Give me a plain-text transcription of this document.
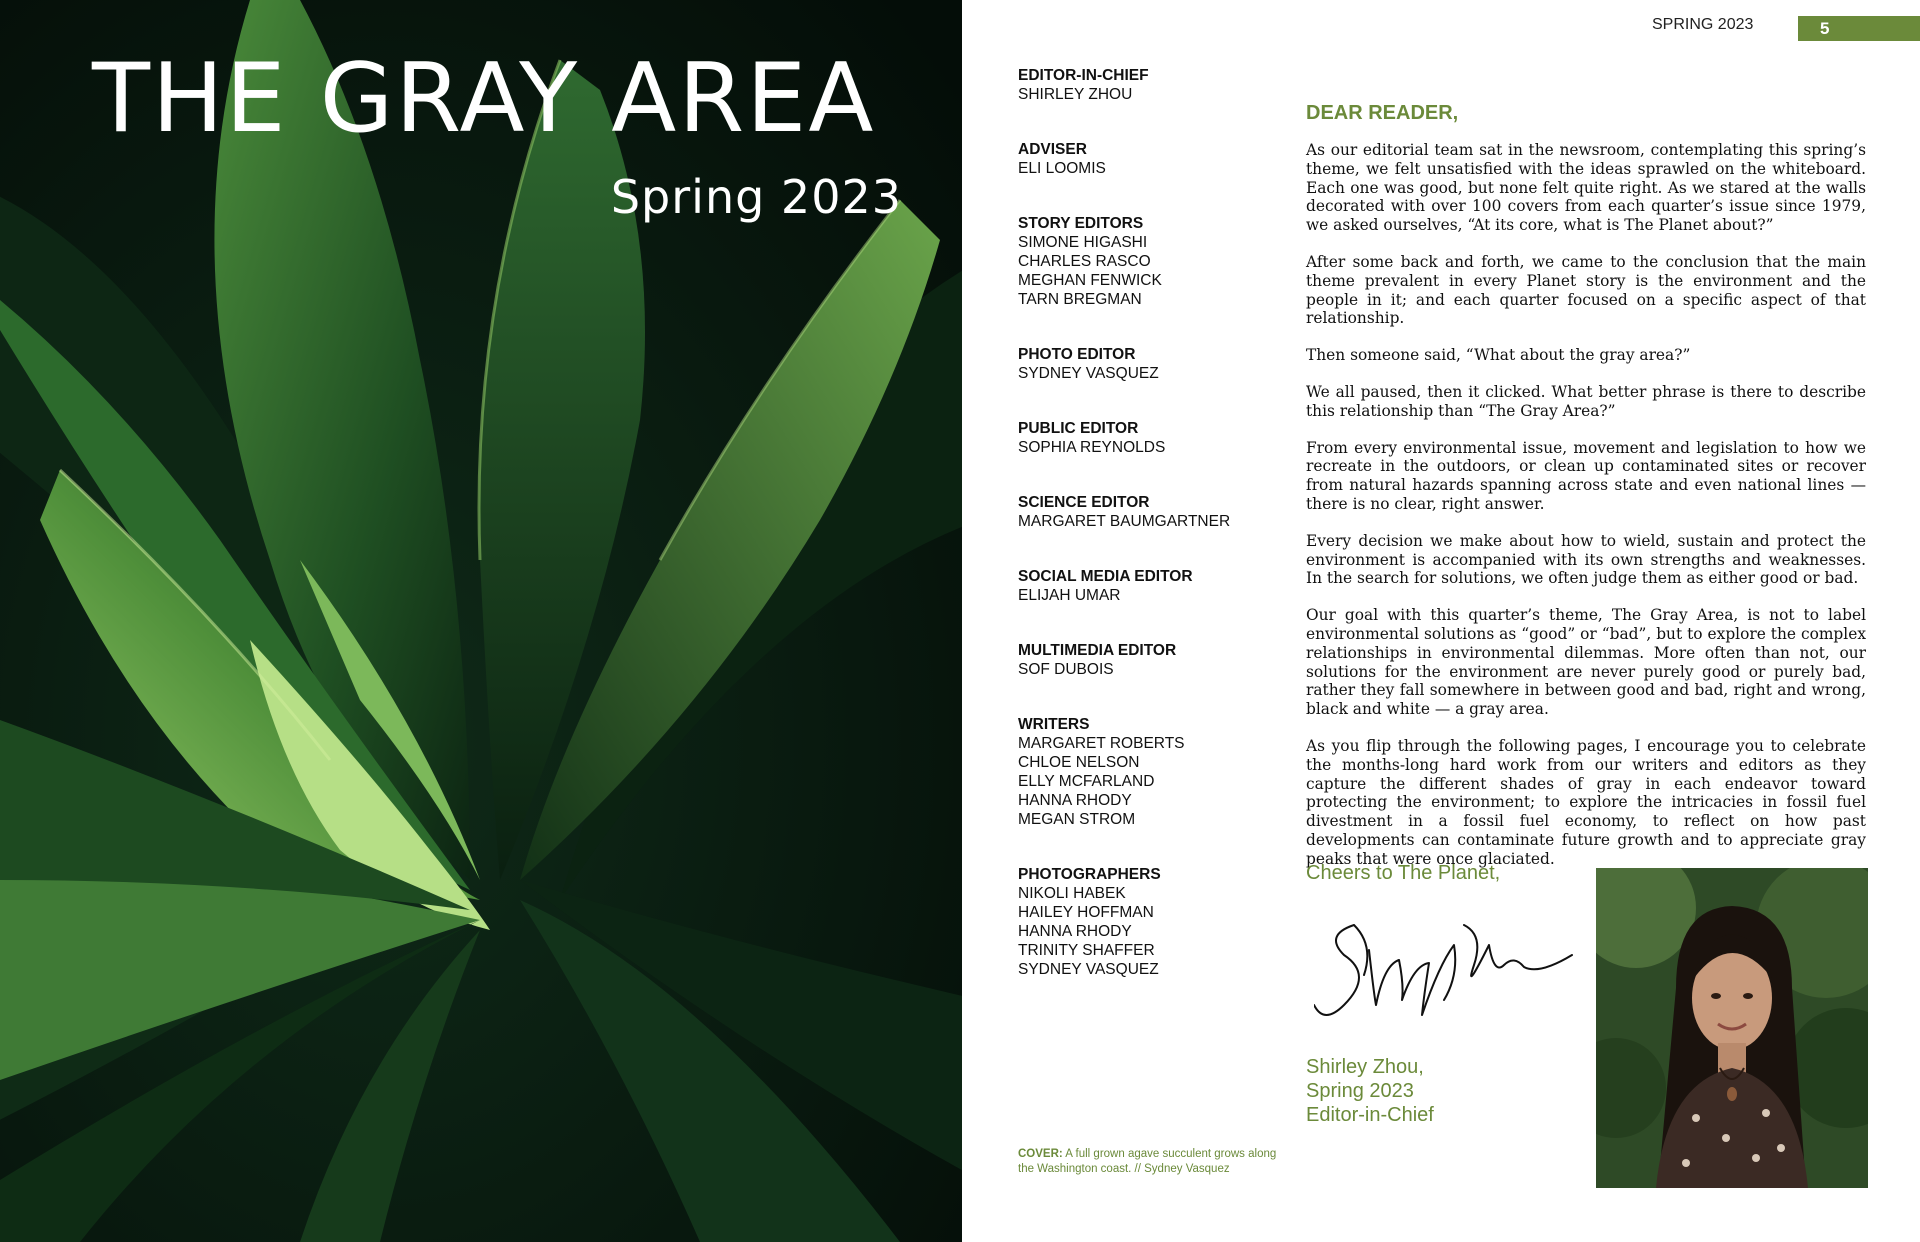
THE GRAY AREA
Spring 2023
SPRING 2023	5
EDITOR-IN-CHIEF
SHIRLEY ZHOU
ADVISER
ELI LOOMIS
STORY EDITORS
SIMONE HIGASHI
CHARLES RASCO
MEGHAN FENWICK
TARN BREGMAN
PHOTO EDITOR
SYDNEY VASQUEZ
PUBLIC EDITOR
SOPHIA REYNOLDS
SCIENCE EDITOR
MARGARET BAUMGARTNER
SOCIAL MEDIA EDITOR
ELIJAH UMAR
MULTIMEDIA EDITOR
SOF DUBOIS
WRITERS
MARGARET ROBERTS
CHLOE NELSON
ELLY MCFARLAND
HANNA RHODY
MEGAN STROM
PHOTOGRAPHERS
NIKOLI HABEK
HAILEY HOFFMAN
HANNA RHODY
TRINITY SHAFFER
SYDNEY VASQUEZ
COVER: A full grown agave succulent grows along the Washington coast. // Sydney Vasquez
DEAR READER,

As our editorial team sat in the newsroom, contemplating this spring’s theme, we felt unsatisfied with the ideas sprawled on the whiteboard. Each one was good, but none felt quite right. As we stared at the walls decorated with over 100 covers from each quarter’s issue since 1979, we asked ourselves, “At its core, what is The Planet about?”

After some back and forth, we came to the conclusion that the main theme prevalent in every Planet story is the environment and the people in it; and each quarter focused on a specific aspect of that relationship.

Then someone said, “What about the gray area?”

We all paused, then it clicked. What better phrase is there to describe this relationship than “The Gray Area?”

From every environmental issue, movement and legislation to how we recreate in the outdoors, or clean up contaminated sites or recover from natural hazards spanning across state and even national lines — there is no clear, right answer.

Every decision we make about how to wield, sustain and protect the environment is accompanied with its own strengths and weaknesses. In the search for solutions, we often judge them as either good or bad.

Our goal with this quarter’s theme, The Gray Area, is not to label environmental solutions as “good” or “bad”, but to explore the complex relationships in environmental dilemmas. More often than not, our solutions for the environment are never purely good or purely bad, rather they fall somewhere in between good and bad, right and wrong, black and white — a gray area.

As you flip through the following pages, I encourage you to celebrate the months-long hard work from our writers and editors as they capture the different shades of gray in each endeavor toward protecting the environment; to explore the intricacies in fossil fuel divestment in a fossil fuel economy, to reflect on how past developments can contaminate future growth and to appreciate gray peaks that were once glaciated.

Cheers to The Planet,
Shirley Zhou,
Spring 2023
Editor-in-Chief
